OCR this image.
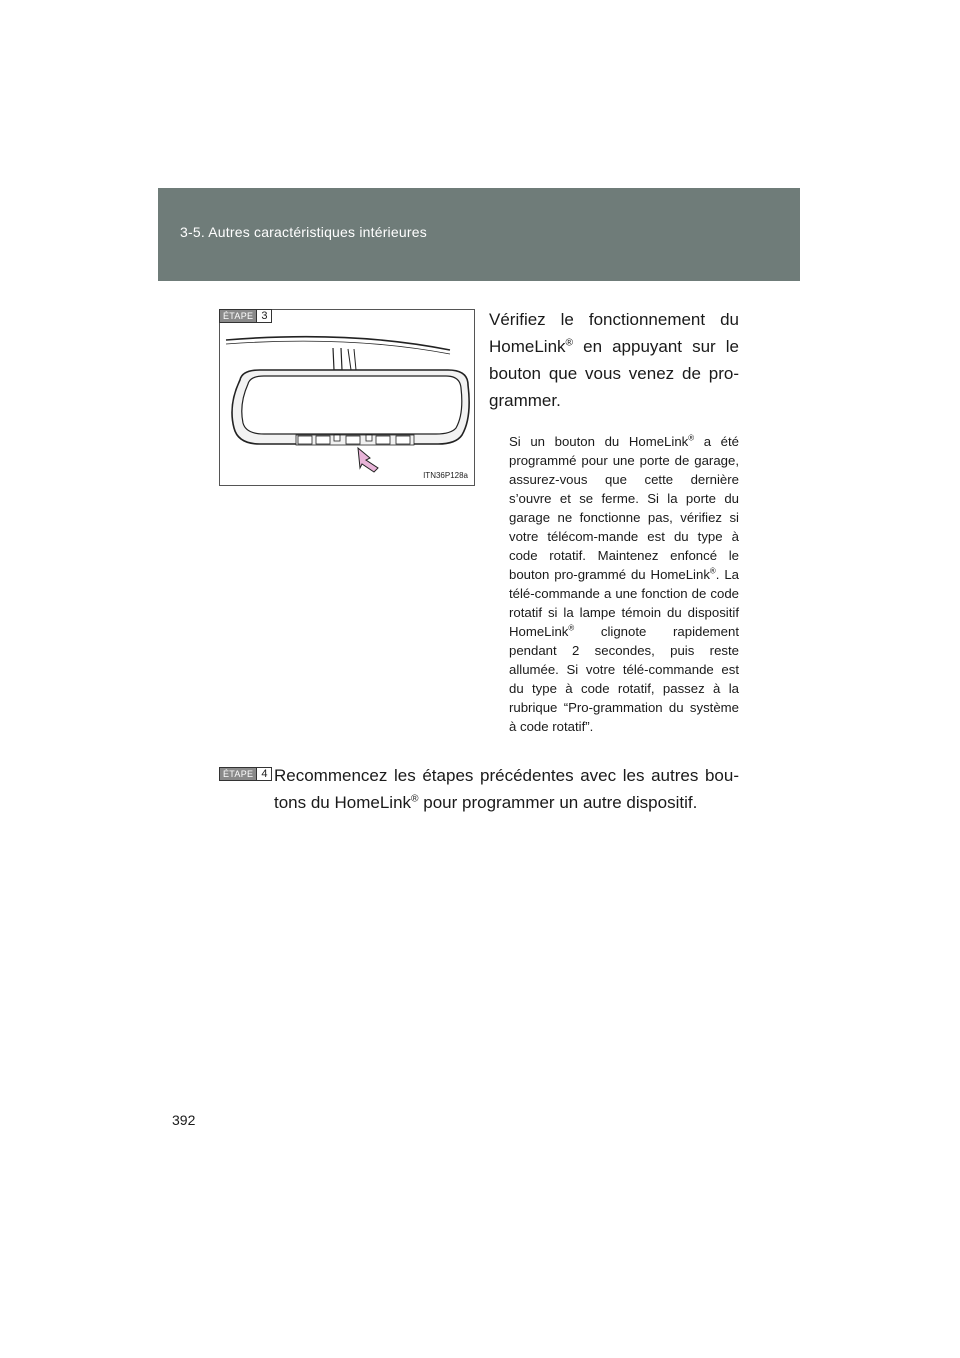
3-5. Autres caractéristiques intérieures
ÉTAPE 3
ITN36P128a
Vérifiez le fonctionnement du HomeLink® en appuyant sur le bouton que vous venez de pro-grammer.
Si un bouton du HomeLink® a été programmé pour une porte de garage, assurez-vous que cette dernière s’ouvre et se ferme. Si la porte du garage ne fonctionne pas, vérifiez si votre télécom-mande est du type à code rotatif. Maintenez enfoncé le bouton pro-grammé du HomeLink®. La télé-commande a une fonction de code rotatif si la lampe témoin du dispositif HomeLink® clignote rapidement pendant 2 secondes, puis reste allumée. Si votre télé-commande est du type à code rotatif, passez à la rubrique “Pro-grammation du système à code rotatif”.
ÉTAPE 4 Recommencez les étapes précédentes avec les autres bou-tons du HomeLink® pour programmer un autre dispositif.
392
